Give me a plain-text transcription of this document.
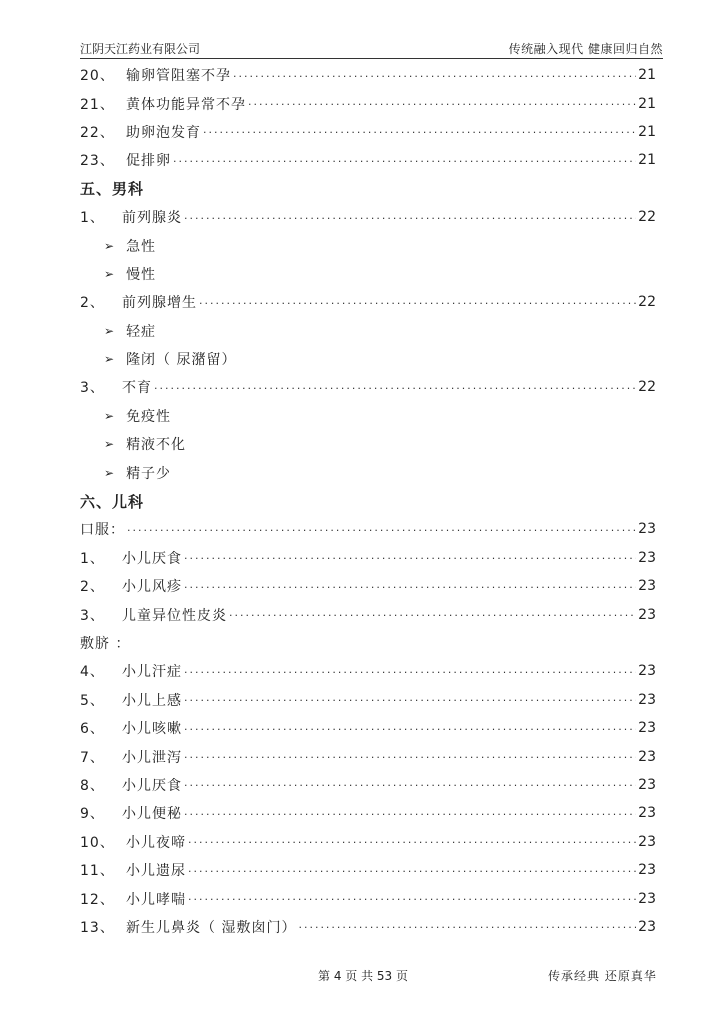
江阴天江药业有限公司	传统融入现代 健康回归自然
20、 输卵管阻塞不孕 ·····	21
21、 黄体功能异常不孕 ·····	21
22、 助卵泡发育 ·····	21
23、 促排卵 ·····	21
五、男科
1、	前列腺炎 ·····	22
➢ 急性
➢ 慢性
2、	前列腺增生 ·····	22
➢ 轻症
➢ 隆闭（ 尿潴留）
3、	不育 ·····	22
➢ 免疫性
➢ 精液不化
➢ 精子少
六、儿科
口服： ·····	23
1、	小儿厌食 ·····	23
2、	小儿风疹 ·····	23
3、	儿童异位性皮炎 ·····	23
敷脐 ：
4、	小儿汗症 ·····	23
5、	小儿上感 ·····	23
6、	小儿咳嗽 ·····	23
7、	小儿泄泻 ·····	23
8、	小儿厌食 ·····	23
9、	小儿便秘 ·····	23
10、 小儿夜啼 ·····	23
11、 小儿遗尿 ·····	23
12、 小儿哮喘 ·····	23
13、 新生儿鼻炎（ 湿敷囱门） ·····	23
第 4 页 共 53 页	传承经典 还原真华
